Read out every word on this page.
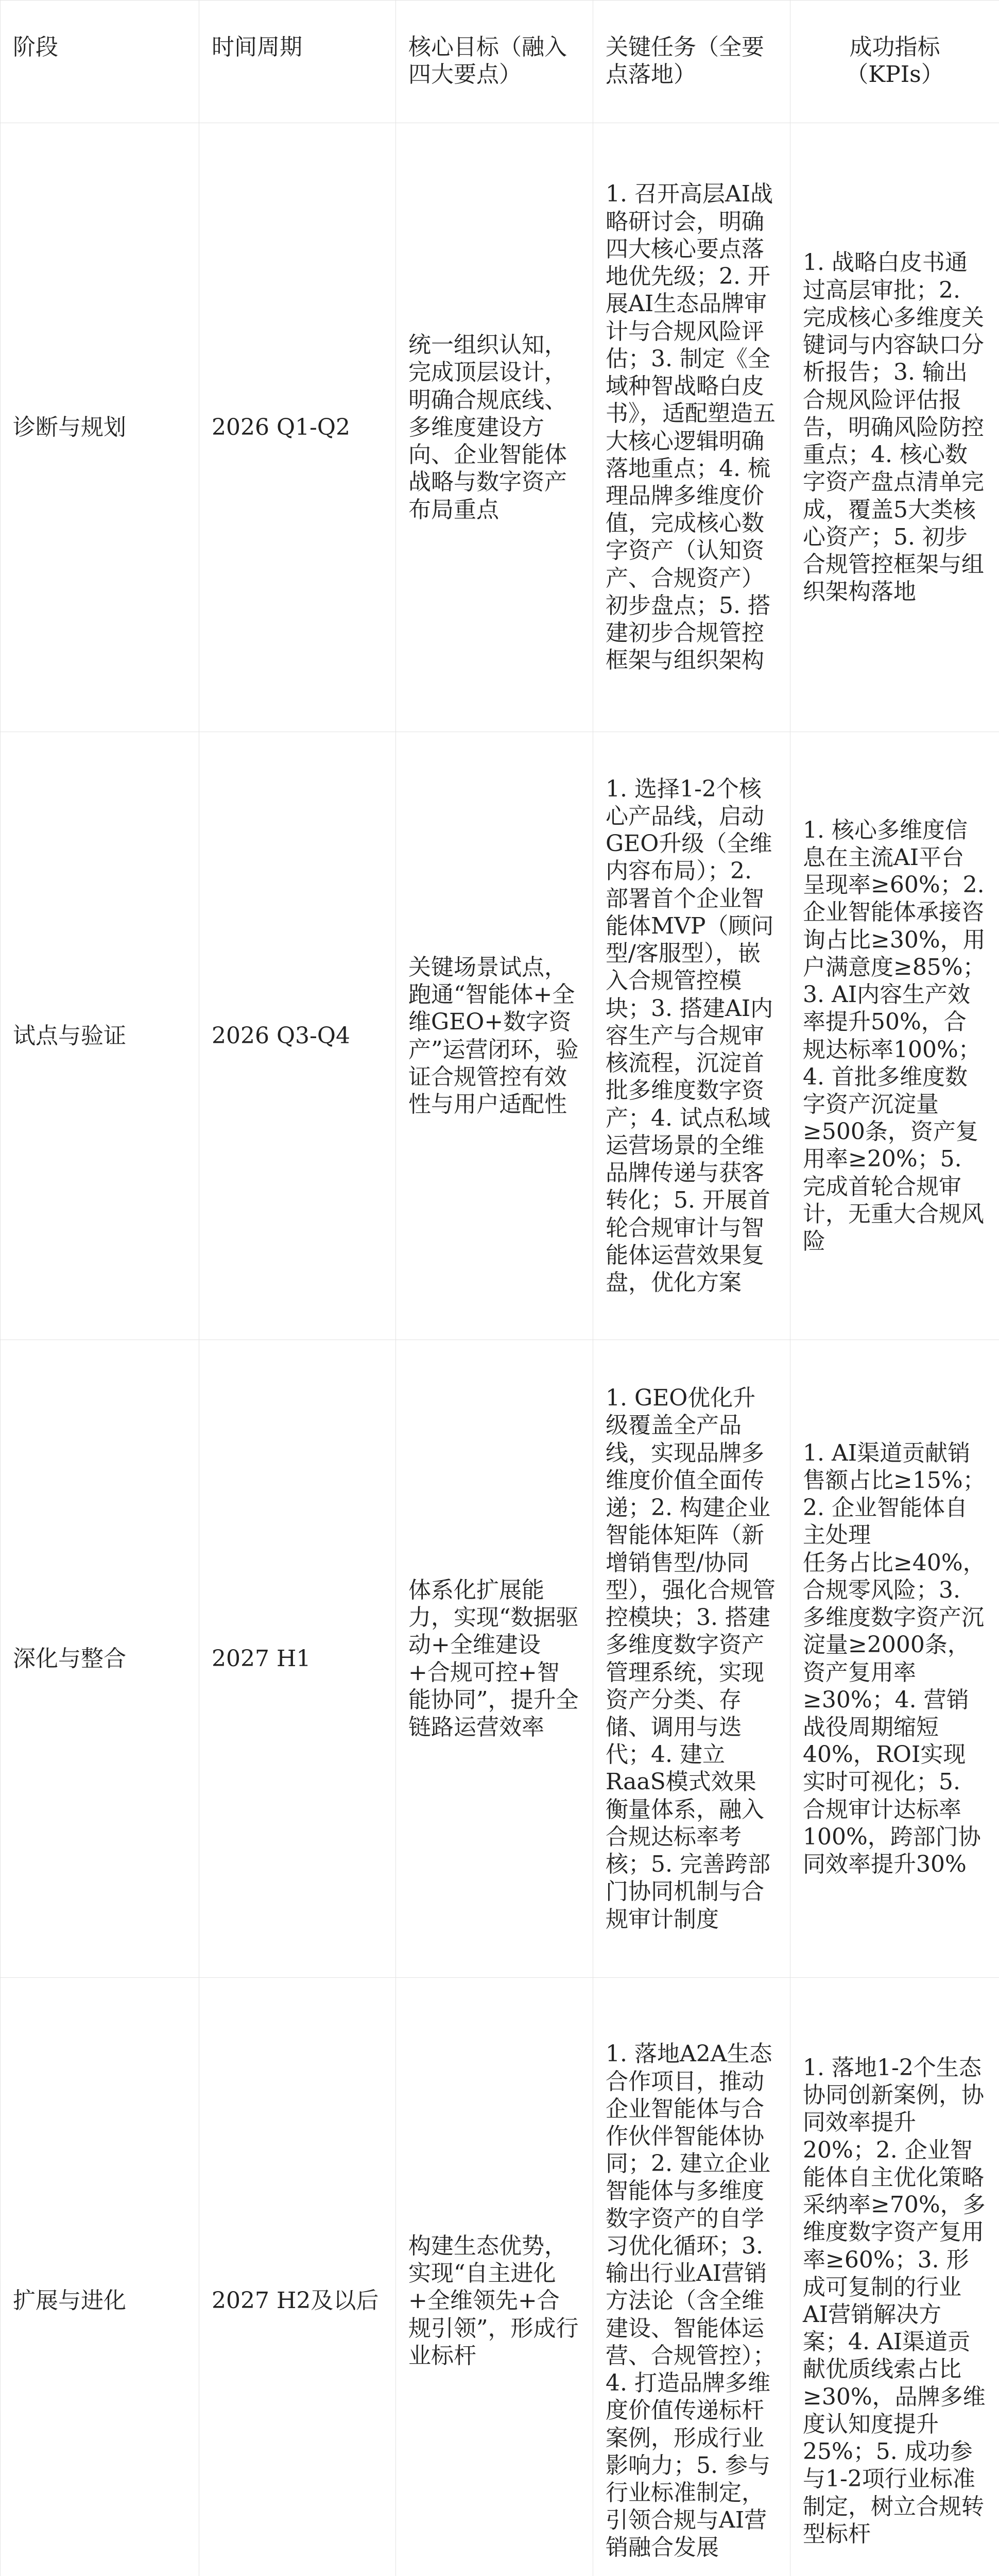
阶段	时间周期	核心目标（融入四大要点）	关键任务（全要点落地）	成功指标
（KPIs）

诊断与规划	2026 Q1-Q2	统一组织认知，完成顶层设计，明确合规底线、多维度建设方向、企业智能体战略与数字资产布局重点	1. 召开高层AI战略研讨会，明确四大核心要点落地优先级；2. 开展AI生态品牌审计与合规风险评估；3. 制定《全域种智战略白皮书》，适配塑造五大核心逻辑明确落地重点；4. 梳理品牌多维度价值，完成核心数字资产（认知资产、合规资产）初步盘点；5. 搭建初步合规管控框架与组织架构	1. 战略白皮书通过高层审批；2. 完成核心多维度关键词与内容缺口分析报告；3. 输出合规风险评估报告，明确风险防控重点；4. 核心数字资产盘点清单完成，覆盖5大类核心资产；5. 初步合规管控框架与组织架构落地

试点与验证	2026 Q3-Q4	关键场景试点，跑通“智能体+全维GEO+数字资产”运营闭环，验证合规管控有效性与用户适配性	1. 选择1-2个核心产品线，启动GEO升级（全维内容布局）；2. 部署首个企业智能体MVP（顾问型/客服型），嵌入合规管控模块；3. 搭建AI内容生产与合规审核流程，沉淀首批多维度数字资产；4. 试点私域运营场景的全维品牌传递与获客转化；5. 开展首轮合规审计与智能体运营效果复盘，优化方案	1. 核心多维度信息在主流AI平台呈现率≥60%；2. 企业智能体承接咨询占比≥30%，用户满意度≥85%；3. AI内容生产效率提升50%，合规达标率100%；4. 首批多维度数字资产沉淀量≥500条，资产复用率≥20%；5. 完成首轮合规审计，无重大合规风险

深化与整合	2027 H1	体系化扩展能力，实现“数据驱动+全维建设+合规可控+智能协同”，提升全链路运营效率	1. GEO优化升级覆盖全产品线，实现品牌多维度价值全面传递；2. 构建企业智能体矩阵（新增销售型/协同型），强化合规管控模块；3. 搭建多维度数字资产管理系统，实现资产分类、存储、调用与迭代；4. 建立RaaS模式效果衡量体系，融入合规达标率考核；5. 完善跨部门协同机制与合规审计制度	1. AI渠道贡献销售额占比≥15%；2. 企业智能体自主处理
任务占比≥40%，合规零风险；3. 多维度数字资产沉淀量≥2000条，资产复用率≥30%；4. 营销战役周期缩短40%，ROI实现实时可视化；5. 合规审计达标率100%，跨部门协同效率提升30%

扩展与进化	2027 H2及以后	构建生态优势，实现“自主进化+全维领先+合规引领”，形成行业标杆	1. 落地A2A生态合作项目，推动企业智能体与合作伙伴智能体协同；2. 建立企业智能体与多维度数字资产的自学习优化循环；3. 输出行业AI营销方法论（含全维建设、智能体运营、合规管控）；4. 打造品牌多维度价值传递标杆案例，形成行业影响力；5. 参与行业标准制定，引领合规与AI营销融合发展	1. 落地1-2个生态协同创新案例，协同效率提升20%；2. 企业智能体自主优化策略采纳率≥70%，多维度数字资产复用率≥60%；3. 形成可复制的行业AI营销解决方案；4. AI渠道贡献优质线索占比≥30%，品牌多维度认知度提升25%；5. 成功参与1-2项行业标准制定，树立合规转型标杆
